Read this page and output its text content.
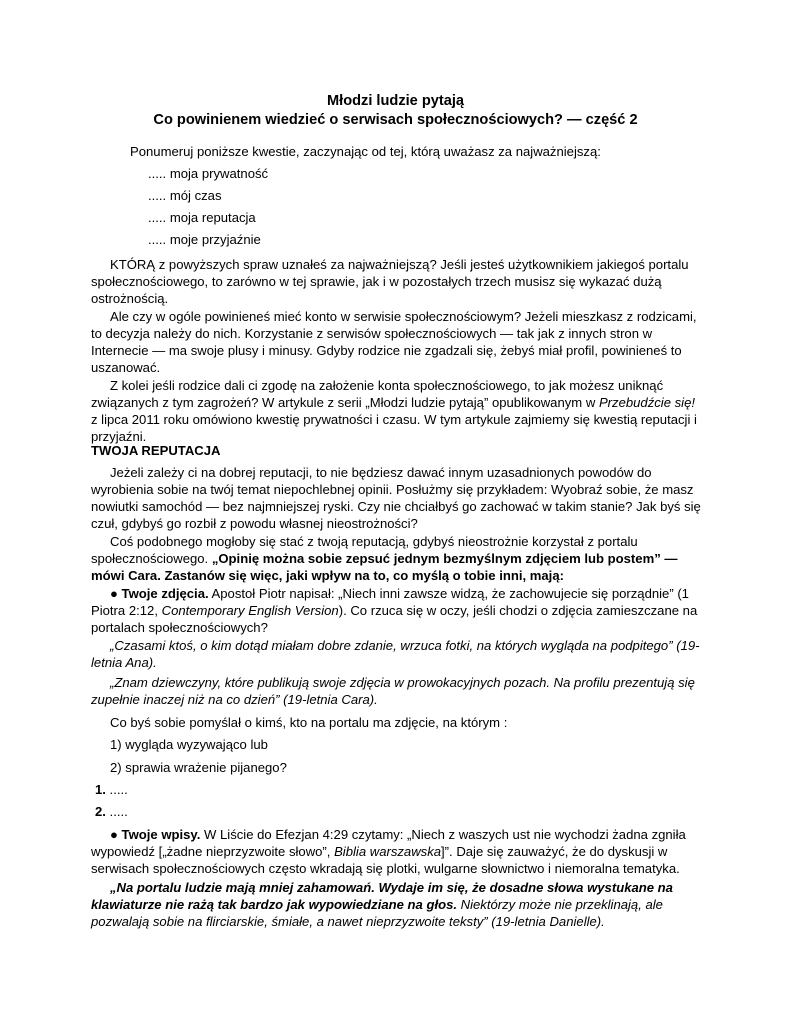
Młodzi ludzie pytają
Co powinienem wiedzieć o serwisach społecznościowych? — część 2

Ponumeruj poniższe kwestie, zaczynając od tej, którą uważasz za najważniejszą:

..... moja prywatność

..... mój czas

..... moja reputacja

..... moje przyjaźnie

KTÓRĄ z powyższych spraw uznałeś za najważniejszą? Jeśli jesteś użytkownikiem jakiegoś portalu społecznościowego, to zarówno w tej sprawie, jak i w pozostałych trzech musisz się wykazać dużą ostrożnością.

Ale czy w ogóle powinieneś mieć konto w serwisie społecznościowym? Jeżeli mieszkasz z rodzicami, to decyzja należy do nich. Korzystanie z serwisów społecznościowych — tak jak z innych stron w Internecie — ma swoje plusy i minusy. Gdyby rodzice nie zgadzali się, żebyś miał profil, powinieneś to uszanować.

Z kolei jeśli rodzice dali ci zgodę na założenie konta społecznościowego, to jak możesz uniknąć związanych z tym zagrożeń? W artykule z serii „Młodzi ludzie pytają” opublikowanym w Przebudźcie się! z lipca 2011 roku omówiono kwestię prywatności i czasu. W tym artykule zajmiemy się kwestią reputacji i przyjaźni.

TWOJA REPUTACJA

Jeżeli zależy ci na dobrej reputacji, to nie będziesz dawać innym uzasadnionych powodów do wyrobienia sobie na twój temat niepochlebnej opinii. Posłużmy się przykładem: Wyobraź sobie, że masz nowiutki samochód — bez najmniejszej ryski. Czy nie chciałbyś go zachować w takim stanie? Jak byś się czuł, gdybyś go rozbił z powodu własnej nieostrożności?

Coś podobnego mogłoby się stać z twoją reputacją, gdybyś nieostrożnie korzystał z portalu społecznościowego. „Opinię można sobie zepsuć jednym bezmyślnym zdjęciem lub postem” — mówi Cara. Zastanów się więc, jaki wpływ na to, co myślą o tobie inni, mają:

● Twoje zdjęcia. Apostoł Piotr napisał: „Niech inni zawsze widzą, że zachowujecie się porządnie” (1 Piotra 2:12, Contemporary English Version). Co rzuca się w oczy, jeśli chodzi o zdjęcia zamieszczane na portalach społecznościowych?

„Czasami ktoś, o kim dotąd miałam dobre zdanie, wrzuca fotki, na których wygląda na podpitego” (19-letnia Ana).

„Znam dziewczyny, które publikują swoje zdjęcia w prowokacyjnych pozach. Na profilu prezentują się zupełnie inaczej niż na co dzień” (19-letnia Cara).

Co byś sobie pomyślał o kimś, kto na portalu ma zdjęcie, na którym :

1) wygląda wyzywająco lub

2) sprawia wrażenie pijanego?

1. .....

2. .....

● Twoje wpisy. W Liście do Efezjan 4:29 czytamy: „Niech z waszych ust nie wychodzi żadna zgniła wypowiedź [„żadne nieprzyzwoite słowo”, Biblia warszawska]”. Daje się zauważyć, że do dyskusji w serwisach społecznościowych często wkradają się plotki, wulgarne słownictwo i niemoralna tematyka.

„Na portalu ludzie mają mniej zahamowań. Wydaje im się, że dosadne słowa wystukane na klawiaturze nie rażą tak bardzo jak wypowiedziane na głos. Niektórzy może nie przeklinają, ale pozwalają sobie na flirciarskie, śmiałe, a nawet nieprzyzwoite teksty” (19-letnia Danielle).
